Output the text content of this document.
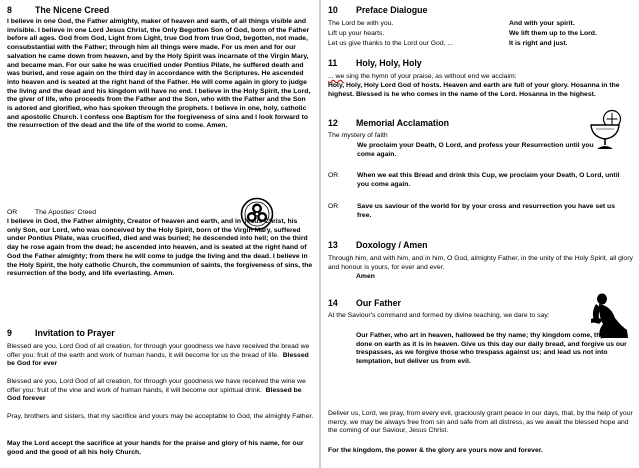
8	The Nicene Creed
I believe in one God, the Father almighty, maker of heaven and earth, of all things visible and invisible. I believe in one Lord Jesus Christ, the Only Begotten Son of God, born of the Father before all ages. God from God, Light from Light, true God from true God, begotten, not made, consubstantial with the Father; through him all things were made. For us men and for our salvation he came down from heaven, and by the Holy Spirit was incarnate of the Virgin Mary, and became man. For our sake he was crucified under Pontius Pilate, he suffered death and was buried, and rose again on the third day in accordance with the Scriptures. He ascended into heaven and is seated at the right hand of the Father. He will come again in glory to judge the living and the dead and his kingdom will have no end. I believe in the Holy Spirit, the Lord, the giver of life, who proceeds from the Father and the Son, who with the Father and the Son is adored and glorified, who has spoken through the prophets. I believe in one, holy, catholic and apostolic Church. I confess one Baptism for the forgiveness of sins and I look forward to the resurrection of the dead and the life of the world to come. Amen.
OR	The Apostles' Creed
I believe in God, the Father almighty, Creator of heaven and earth, and in Jesus Christ, his only Son, our Lord, who was conceived by the Holy Spirit, born of the Virgin Mary, suffered under Pontius Pilate, was crucified, died and was buried; he descended into hell; on the third day he rose again from the dead; he ascended into heaven, and is seated at the right hand of God the Father almighty; from there he will come to judge the living and the dead. I believe in the Holy Spirit, the holy catholic Church, the communion of saints, the forgiveness of sins, the resurrection of the body, and life everlasting. Amen.
9	Invitation to Prayer
Blessed are you, Lord God of all creation, for through your goodness we have received the bread we offer you: fruit of the earth and work of human hands, it will become for us the bread of life. Blessed be God for ever
Blessed are you, Lord God of all creation, for through your goodness we have received the wine we offer you: fruit of the vine and work of human hands, it will become our spiritual drink. Blessed be God forever
Pray, brothers and sisters, that my sacrifice and yours may be acceptable to God, the almighty Father.
May the Lord accept the sacrifice at your hands for the praise and glory of his name, for our good and the good of all his holy Church.
10 Preface Dialogue
The Lord be with you.	And with your spirit.
Lift up your hearts.	We lift them up to the Lord.
Let us give thanks to the Lord our God. ...	It is right and just.
11 Holy, Holy, Holy
... we sing the hymn of your praise, as without end we acclaim:
Holy, Holy, Holy Lord God of hosts. Heaven and earth are full of your glory. Hosanna in the highest. Blessed is he who comes in the name of the Lord. Hosanna in the highest.
12 Memorial Acclamation
The mystery of faith
We proclaim your Death, O Lord, and profess your Resurrection until you come again.
OR	When we eat this Bread and drink this Cup, we proclaim your Death, O Lord, until you come again.
OR	Save us saviour of the world for by your cross and resurrection you have set us free.
13 Doxology / Amen
Through him, and with him, and in him, O God, almighty Father, in the unity of the Holy Spirit, all glory and honour is yours, for ever and ever.
Amen
14 Our Father
At the Saviour's command and formed by divine teaching, we dare to say:
Our Father, who art in heaven, hallowed be thy name; thy kingdom come, thy will be done on earth as it is in heaven. Give us this day our daily bread, and forgive us our trespasses, as we forgive those who trespass against us; and lead us not into temptation, but deliver us from evil.
Deliver us, Lord, we pray, from every evil, graciously grant peace in our days, that, by the help of your mercy, we may be always free from sin and safe from all distress, as we await the blessed hope and the coming of our Saviour, Jesus Christ.
For the kingdom, the power & the glory are yours now and forever.
